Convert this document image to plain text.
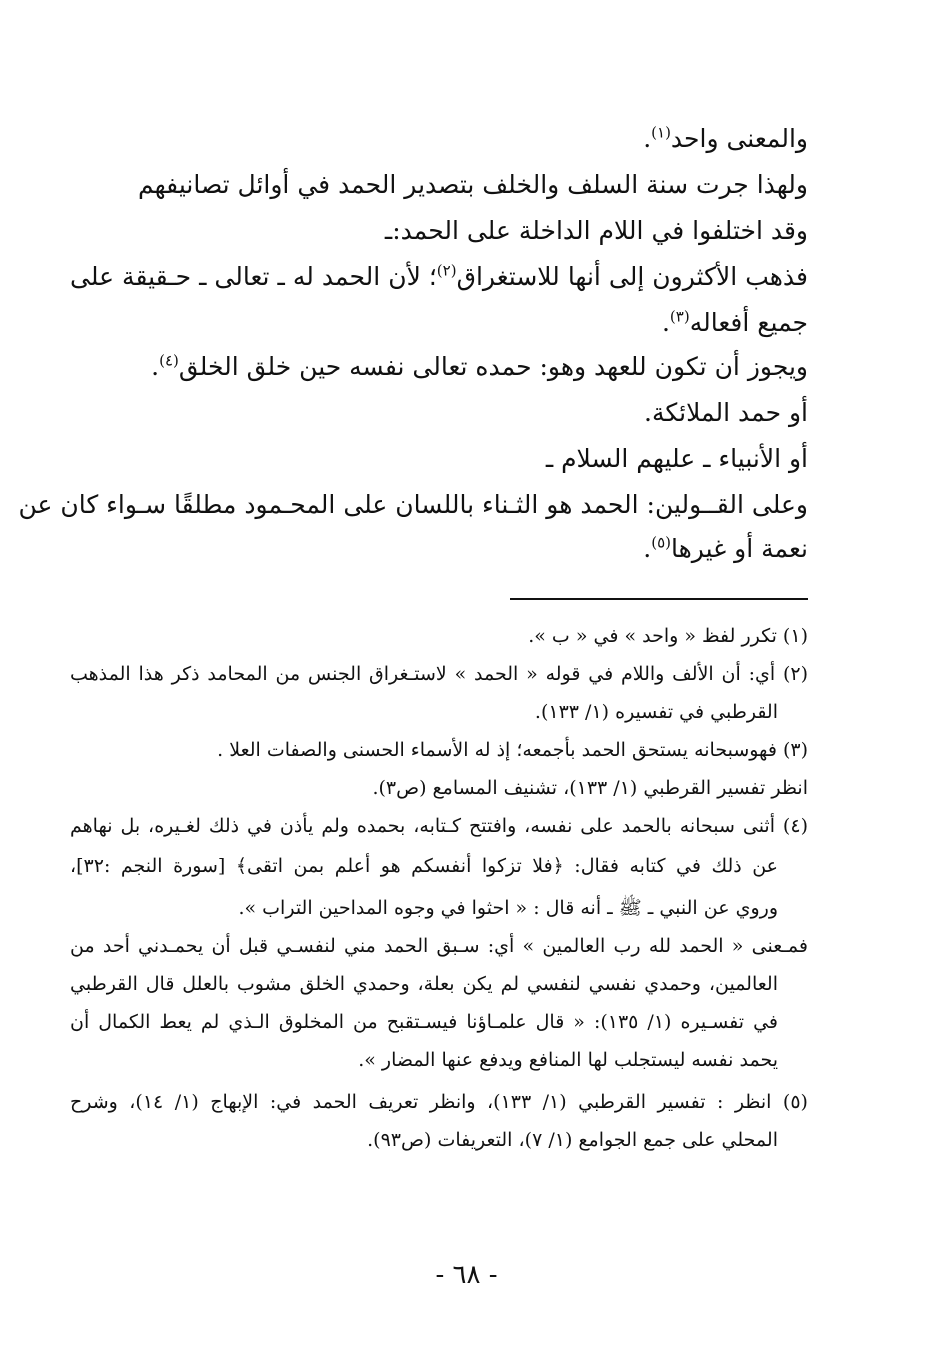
والمعنى واحد$^{(١)}$.
ولهذا جرت سنة السلف والخلف بتصدير الحمد في أوائل تصانيفهم
وقد اختلفوا في اللام الداخلة على الحمد:ـ
فذهب الأكثرون إلى أنها للاستغراق$^{(٢)}$؛ لأن الحمد له ـ تعالى ـ حـقيقة على
جميع أفعاله$^{(٣)}$.
ويجوز أن تكون للعهد وهو: حمده تعالى نفسه حين خلق الخلق$^{(٤)}$.
أو حمد الملائكة.
أو الأنبياء ـ عليهم السلام ـ
وعلى القــولين: الحمد هو الثـناء باللسان على المحـمود مطلقًا سـواء كان عن
نعمة أو غيرها$^{(٥)}$.
(١) تكرر لفظ « واحد » في « ب ».
(٢) أي: أن الألف واللام في قوله « الحمد » لاستـغراق الجنس من المحامد ذكر هذا المذهب
القرطبي في تفسيره (١/ ١٣٣).
(٣) فهوسبحانه يستحق الحمد بأجمعه؛ إذ له الأسماء الحسنى والصفات العلا .
انظر تفسير القرطبي (١/ ١٣٣)، تشنيف المسامع (ص٣).
(٤) أثنى سبحانه بالحمد على نفسه، وافتتح كـتابه، بحمده ولم يأذن في ذلك لغـيره، بل نهاهم
عن ذلك في كتابه فقال: ﴿فلا تزكوا أنفسكم هو أعلم بمن اتقى﴾ [سورة النجم :٣٢]،
وروي عن النبي ـ ﷺ ـ أنه قال : « احثوا في وجوه المداحين التراب ».
فمـعنى « الحمد لله رب العالمين » أي: سـبق الحمد مني لنفسـي قبل أن يحمـدني أحد من
العالمين، وحمدي نفسي لنفسي لم يكن بعلة، وحمدي الخلق مشوب بالعلل قال القرطبي
في تفسـيره (١/ ١٣٥): « قال علمـاؤنا فيسـتقبح من المخلوق الـذي لم يعط الكمال أن
يحمد نفسه ليستجلب لها المنافع ويدفع عنها المضار ».
(٥) انظر : تفسير القرطبي (١/ ١٣٣)، وانظر تعريف الحمد في: الإبهاج (١/ ١٤)، وشرح
المحلي على جمع الجوامع (١/ ٧)، التعريفات (ص٩٣).
- ٦٨ -
